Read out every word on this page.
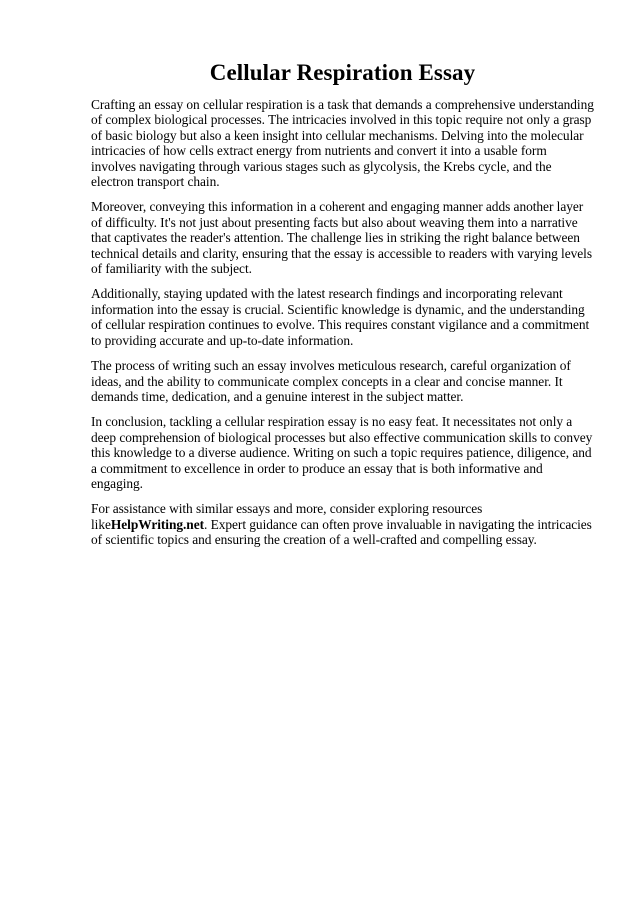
Cellular Respiration Essay

Crafting an essay on cellular respiration is a task that demands a comprehensive understanding of complex biological processes. The intricacies involved in this topic require not only a grasp of basic biology but also a keen insight into cellular mechanisms. Delving into the molecular intricacies of how cells extract energy from nutrients and convert it into a usable form involves navigating through various stages such as glycolysis, the Krebs cycle, and the electron transport chain.

Moreover, conveying this information in a coherent and engaging manner adds another layer of difficulty. It's not just about presenting facts but also about weaving them into a narrative that captivates the reader's attention. The challenge lies in striking the right balance between technical details and clarity, ensuring that the essay is accessible to readers with varying levels of familiarity with the subject.

Additionally, staying updated with the latest research findings and incorporating relevant information into the essay is crucial. Scientific knowledge is dynamic, and the understanding of cellular respiration continues to evolve. This requires constant vigilance and a commitment to providing accurate and up-to-date information.

The process of writing such an essay involves meticulous research, careful organization of ideas, and the ability to communicate complex concepts in a clear and concise manner. It demands time, dedication, and a genuine interest in the subject matter.

In conclusion, tackling a cellular respiration essay is no easy feat. It necessitates not only a deep comprehension of biological processes but also effective communication skills to convey this knowledge to a diverse audience. Writing on such a topic requires patience, diligence, and a commitment to excellence in order to produce an essay that is both informative and engaging.

For assistance with similar essays and more, consider exploring resources likeHelpWriting.net. Expert guidance can often prove invaluable in navigating the intricacies of scientific topics and ensuring the creation of a well-crafted and compelling essay.
